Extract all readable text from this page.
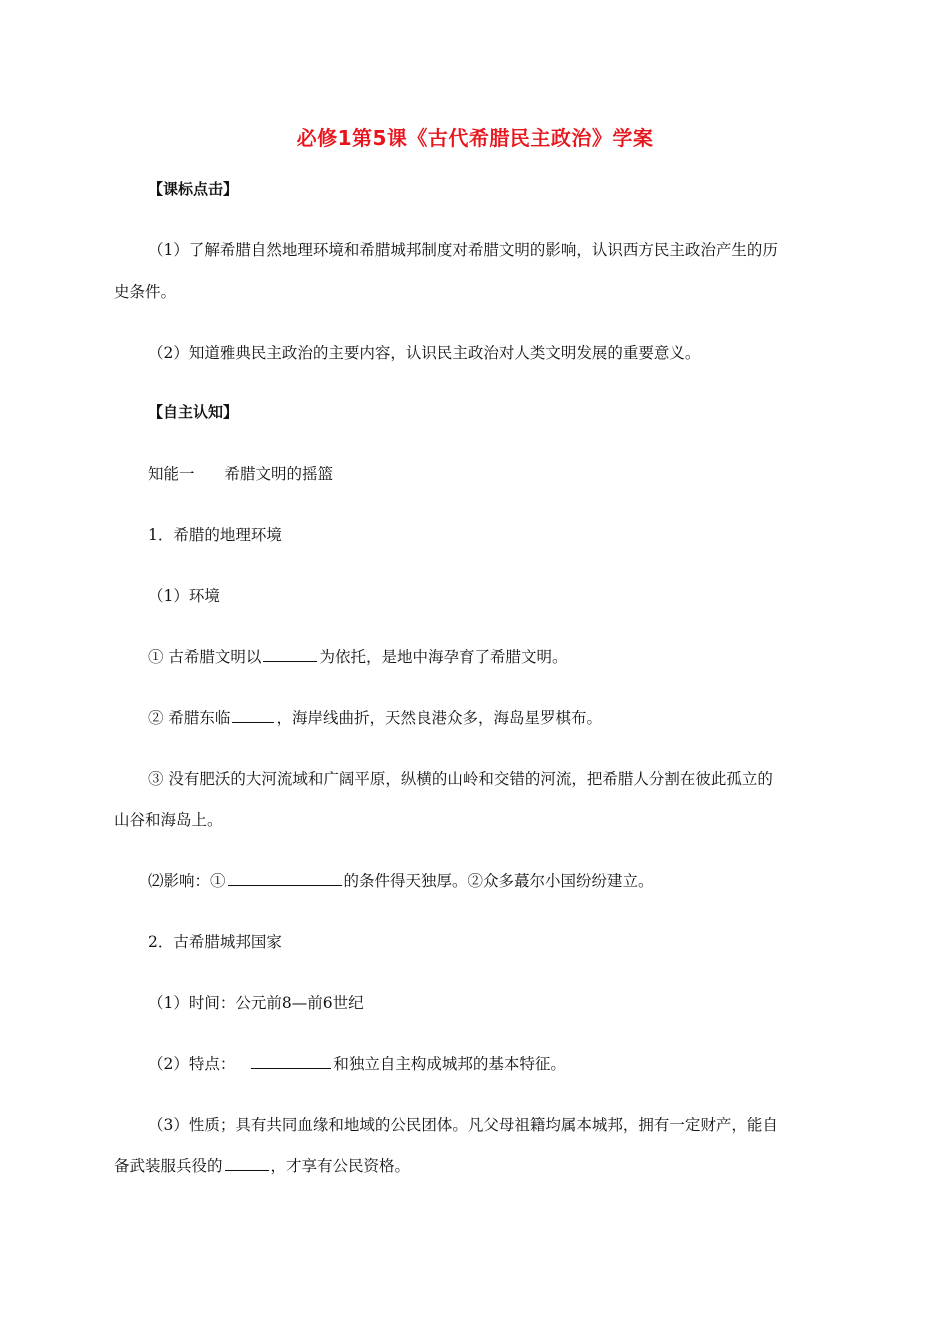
必修1第5课《古代希腊民主政治》学案
【课标点击】
（1）了解希腊自然地理环境和希腊城邦制度对希腊文明的影响，认识西方民主政治产生的历
史条件。
（2）知道雅典民主政治的主要内容，认识民主政治对人类文明发展的重要意义。
【自主认知】
知能一 希腊文明的摇篮
1．希腊的地理环境
（1）环境
① 古希腊文明以	为依托，是地中海孕育了希腊文明。
② 希腊东临	，海岸线曲折，天然良港众多，海岛星罗棋布。
③ 没有肥沃的大河流域和广阔平原，纵横的山岭和交错的河流，把希腊人分割在彼此孤立的
山谷和海岛上。
⑵影响：①	的条件得天独厚。②众多蕞尔小国纷纷建立。
2．古希腊城邦国家
（1）时间：公元前8—前6世纪
（2）特点：	和独立自主构成城邦的基本特征。
（3）性质；具有共同血缘和地域的公民团体。凡父母祖籍均属本城邦，拥有一定财产，能自
备武装服兵役的	，才享有公民资格。
